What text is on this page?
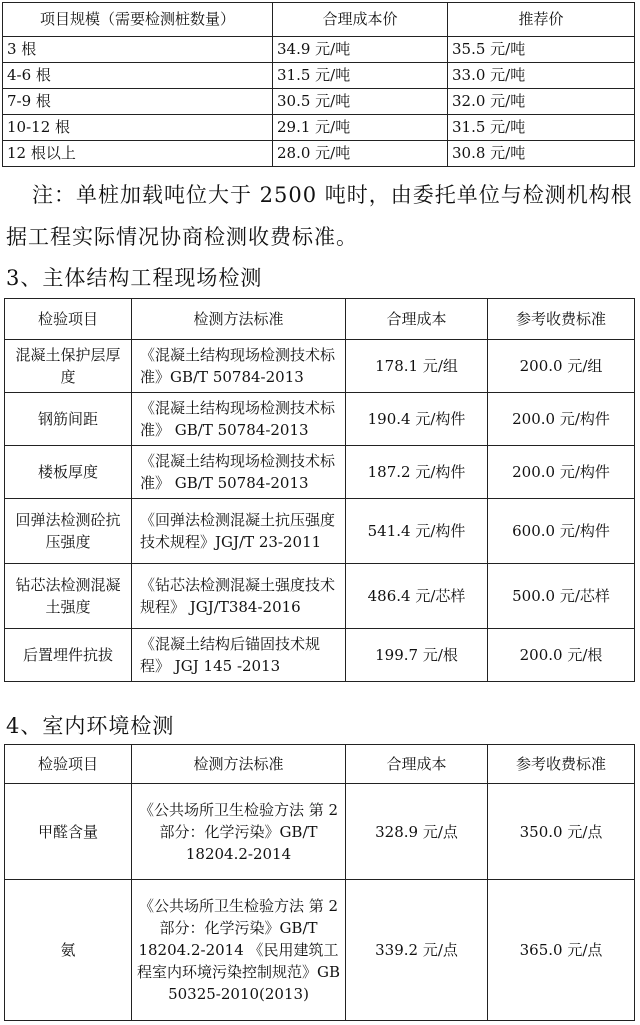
项目规模（需要检测桩数量）	合理成本价	推荐价
3 根	34.9 元/吨	35.5 元/吨
4-6 根	31.5 元/吨	33.0 元/吨
7-9 根	30.5 元/吨	32.0 元/吨
10-12 根	29.1 元/吨	31.5 元/吨
12 根以上	28.0 元/吨	30.8 元/吨
注：单桩加载吨位大于 2500 吨时，由委托单位与检测机构根据工程实际情况协商检测收费标准。
3、主体结构工程现场检测
检验项目	检测方法标准	合理成本	参考收费标准
混凝土保护层厚度	《混凝土结构现场检测技术标准》GB/T 50784-2013	178.1 元/组	200.0 元/组
钢筋间距	《混凝土结构现场检测技术标准》 GB/T 50784-2013	190.4 元/构件	200.0 元/构件
楼板厚度	《混凝土结构现场检测技术标准》 GB/T 50784-2013	187.2 元/构件	200.0 元/构件
回弹法检测砼抗压强度	《回弹法检测混凝土抗压强度技术规程》JGJ/T 23-2011	541.4 元/构件	600.0 元/构件
钻芯法检测混凝土强度	《钻芯法检测混凝土强度技术规程》 JGJ/T384-2016	486.4 元/芯样	500.0 元/芯样
后置埋件抗拔	《混凝土结构后锚固技术规程》 JGJ 145 -2013	199.7 元/根	200.0 元/根
4、室内环境检测
检验项目	检测方法标准	合理成本	参考收费标准
甲醛含量	《公共场所卫生检验方法 第 2 部分：化学污染》GB/T 18204.2-2014	328.9 元/点	350.0 元/点
氨	《公共场所卫生检验方法 第 2 部分：化学污染》GB/T 18204.2-2014 《民用建筑工程室内环境污染控制规范》GB 50325-2010(2013)	339.2 元/点	365.0 元/点
